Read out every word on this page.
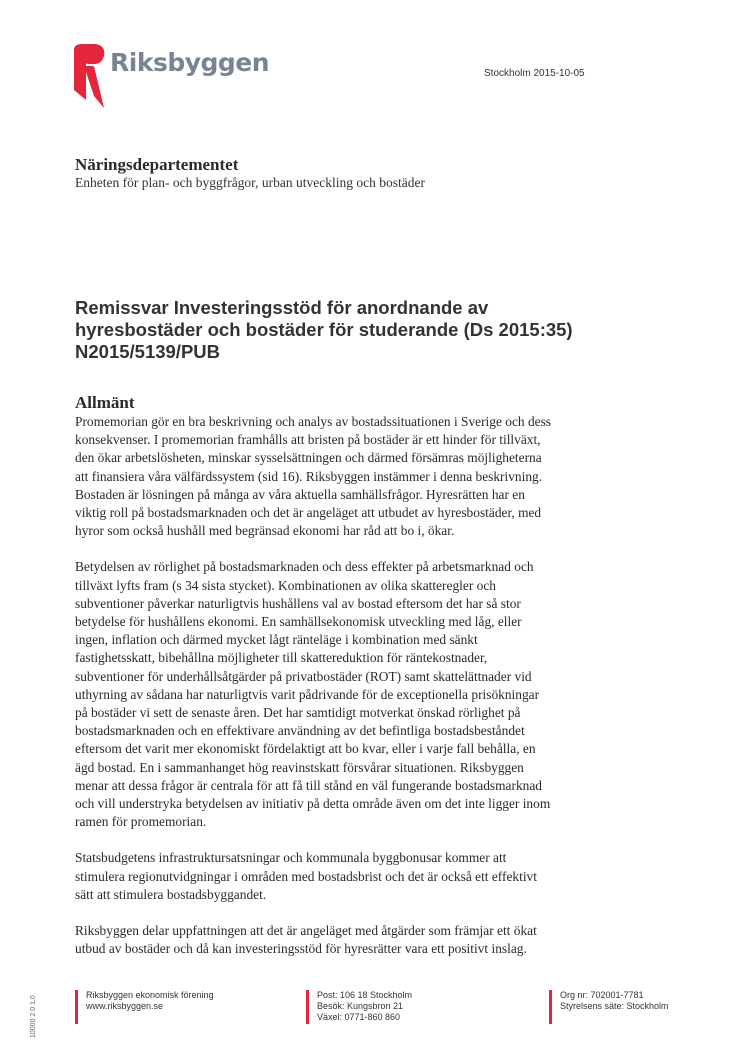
Riksbyggen	Stockholm 2015-10-05
Näringsdepartementet
Enheten för plan- och byggfrågor, urban utveckling och bostäder
Remissvar Investeringsstöd för anordnande av
hyresbostäder och bostäder för studerande (Ds 2015:35)
N2015/5139/PUB
Allmänt

Promemorian gör en bra beskrivning och analys av bostadssituationen i Sverige och dess konsekvenser. I promemorian framhålls att bristen på bostäder är ett hinder för tillväxt, den ökar arbetslösheten, minskar sysselsättningen och därmed försämras möjligheterna att finansiera våra välfärdssystem (sid 16). Riksbyggen instämmer i denna beskrivning. Bostaden är lösningen på många av våra aktuella samhällsfrågor. Hyresrätten har en viktig roll på bostadsmarknaden och det är angeläget att utbudet av hyresbostäder, med hyror som också hushåll med begränsad ekonomi har råd att bo i, ökar.

Betydelsen av rörlighet på bostadsmarknaden och dess effekter på arbetsmarknad och tillväxt lyfts fram (s 34 sista stycket). Kombinationen av olika skatteregler och subventioner påverkar naturligtvis hushållens val av bostad eftersom det har så stor betydelse för hushållens ekonomi. En samhällsekonomisk utveckling med låg, eller ingen, inflation och därmed mycket lågt ränteläge i kombination med sänkt fastighetsskatt, bibehållna möjligheter till skattereduktion för räntekostnader, subventioner för underhållsåtgärder på privatbostäder (ROT) samt skattelättnader vid uthyrning av sådana har naturligtvis varit pådrivande för de exceptionella prisökningar på bostäder vi sett de senaste åren. Det har samtidigt motverkat önskad rörlighet på bostadsmarknaden och en effektivare användning av det befintliga bostadsbeståndet eftersom det varit mer ekonomiskt fördelaktigt att bo kvar, eller i varje fall behålla, en ägd bostad. En i sammanhanget hög reavinstskatt försvårar situationen. Riksbyggen menar att dessa frågor är centrala för att få till stånd en väl fungerande bostadsmarknad och vill understryka betydelsen av initiativ på detta område även om det inte ligger inom ramen för promemorian.

Statsbudgetens infrastruktursatsningar och kommunala byggbonusar kommer att stimulera regionutvidgningar i områden med bostadsbrist och det är också ett effektivt sätt att stimulera bostadsbyggandet.

Riksbyggen delar uppfattningen att det är angeläget med åtgärder som främjar ett ökat utbud av bostäder och då kan investeringsstöd för hyresrätter vara ett positivt inslag.

10000 2.0 1.0
Riksbyggen ekonomisk förening
www.riksbyggen.se
Post: 106 18 Stockholm
Besök: Kungsbron 21
Växel: 0771-860 860
Org nr: 702001-7781
Styrelsens säte: Stockholm
